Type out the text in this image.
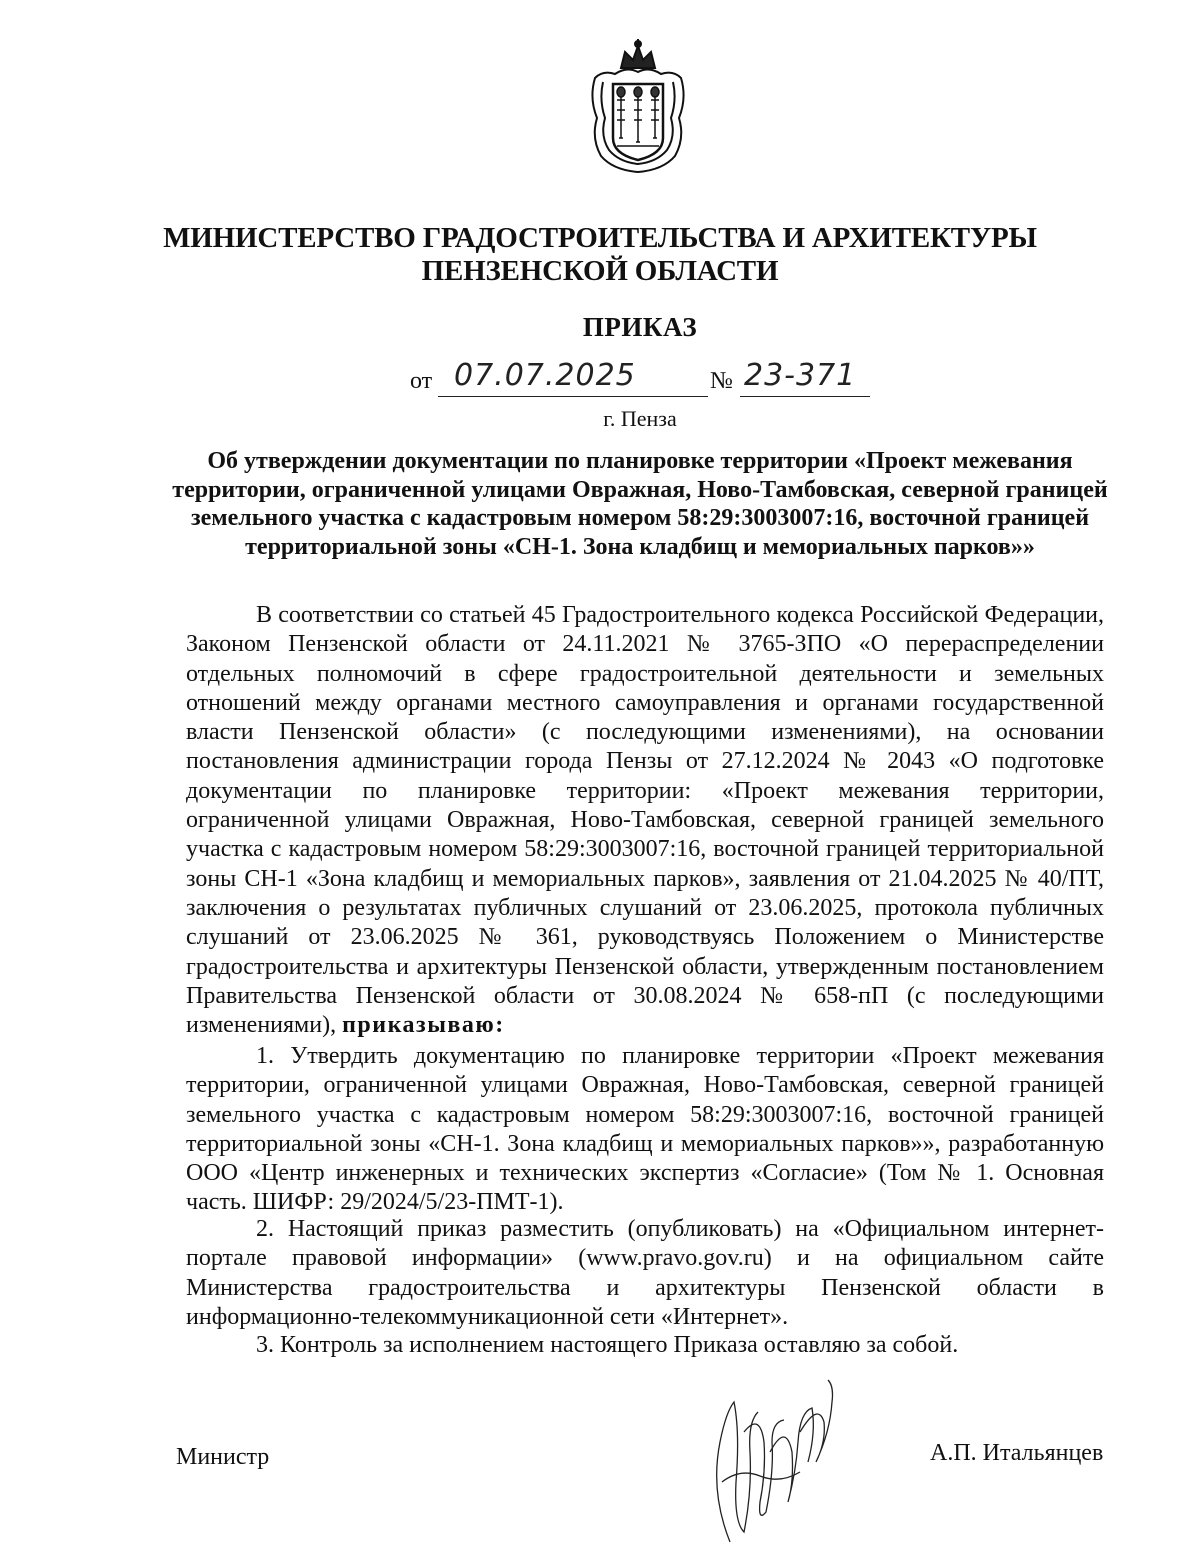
МИНИСТЕРСТВО ГРАДОСТРОИТЕЛЬСТВА И АРХИТЕКТУРЫ
ПЕНЗЕНСКОЙ ОБЛАСТИ
ПРИКАЗ
от 07.07.2025	№ 23-371
г. Пенза
Об утверждении документации по планировке территории «Проект межевания территории, ограниченной улицами Овражная, Ново-Тамбовская, северной границей земельного участка с кадастровым номером 58:29:3003007:16, восточной границей территориальной зоны «СН-1. Зона кладбищ и мемориальных парков»»
В соответствии со статьей 45 Градостроительного кодекса Российской Федерации, Законом Пензенской области от 24.11.2021 № 3765-ЗПО «О перераспределении отдельных полномочий в сфере градостроительной деятельности и земельных отношений между органами местного самоуправления и органами государственной власти Пензенской области» (с последующими изменениями), на основании постановления администрации города Пензы от 27.12.2024 № 2043 «О подготовке документации по планировке территории: «Проект межевания территории, ограниченной улицами Овражная, Ново-Тамбовская, северной границей земельного участка с кадастровым номером 58:29:3003007:16, восточной границей территориальной зоны СН-1 «Зона кладбищ и мемориальных парков», заявления от 21.04.2025 № 40/ПТ, заключения о результатах публичных слушаний от 23.06.2025, протокола публичных слушаний от 23.06.2025 № 361, руководствуясь Положением о Министерстве градостроительства и архитектуры Пензенской области, утвержденным постановлением Правительства Пензенской области от 30.08.2024 № 658-пП (с последующими изменениями), приказываю:
1. Утвердить документацию по планировке территории «Проект межевания территории, ограниченной улицами Овражная, Ново-Тамбовская, северной границей земельного участка с кадастровым номером 58:29:3003007:16, восточной границей территориальной зоны «СН-1. Зона кладбищ и мемориальных парков»», разработанную ООО «Центр инженерных и технических экспертиз «Согласие» (Том № 1. Основная часть. ШИФР: 29/2024/5/23-ПМТ-1).
2. Настоящий приказ разместить (опубликовать) на «Официальном интернет-портале правовой информации» (www.pravo.gov.ru) и на официальном сайте Министерства градостроительства и архитектуры Пензенской области в информационно-телекоммуникационной сети «Интернет».
3. Контроль за исполнением настоящего Приказа оставляю за собой.
Министр	А.П. Итальянцев
